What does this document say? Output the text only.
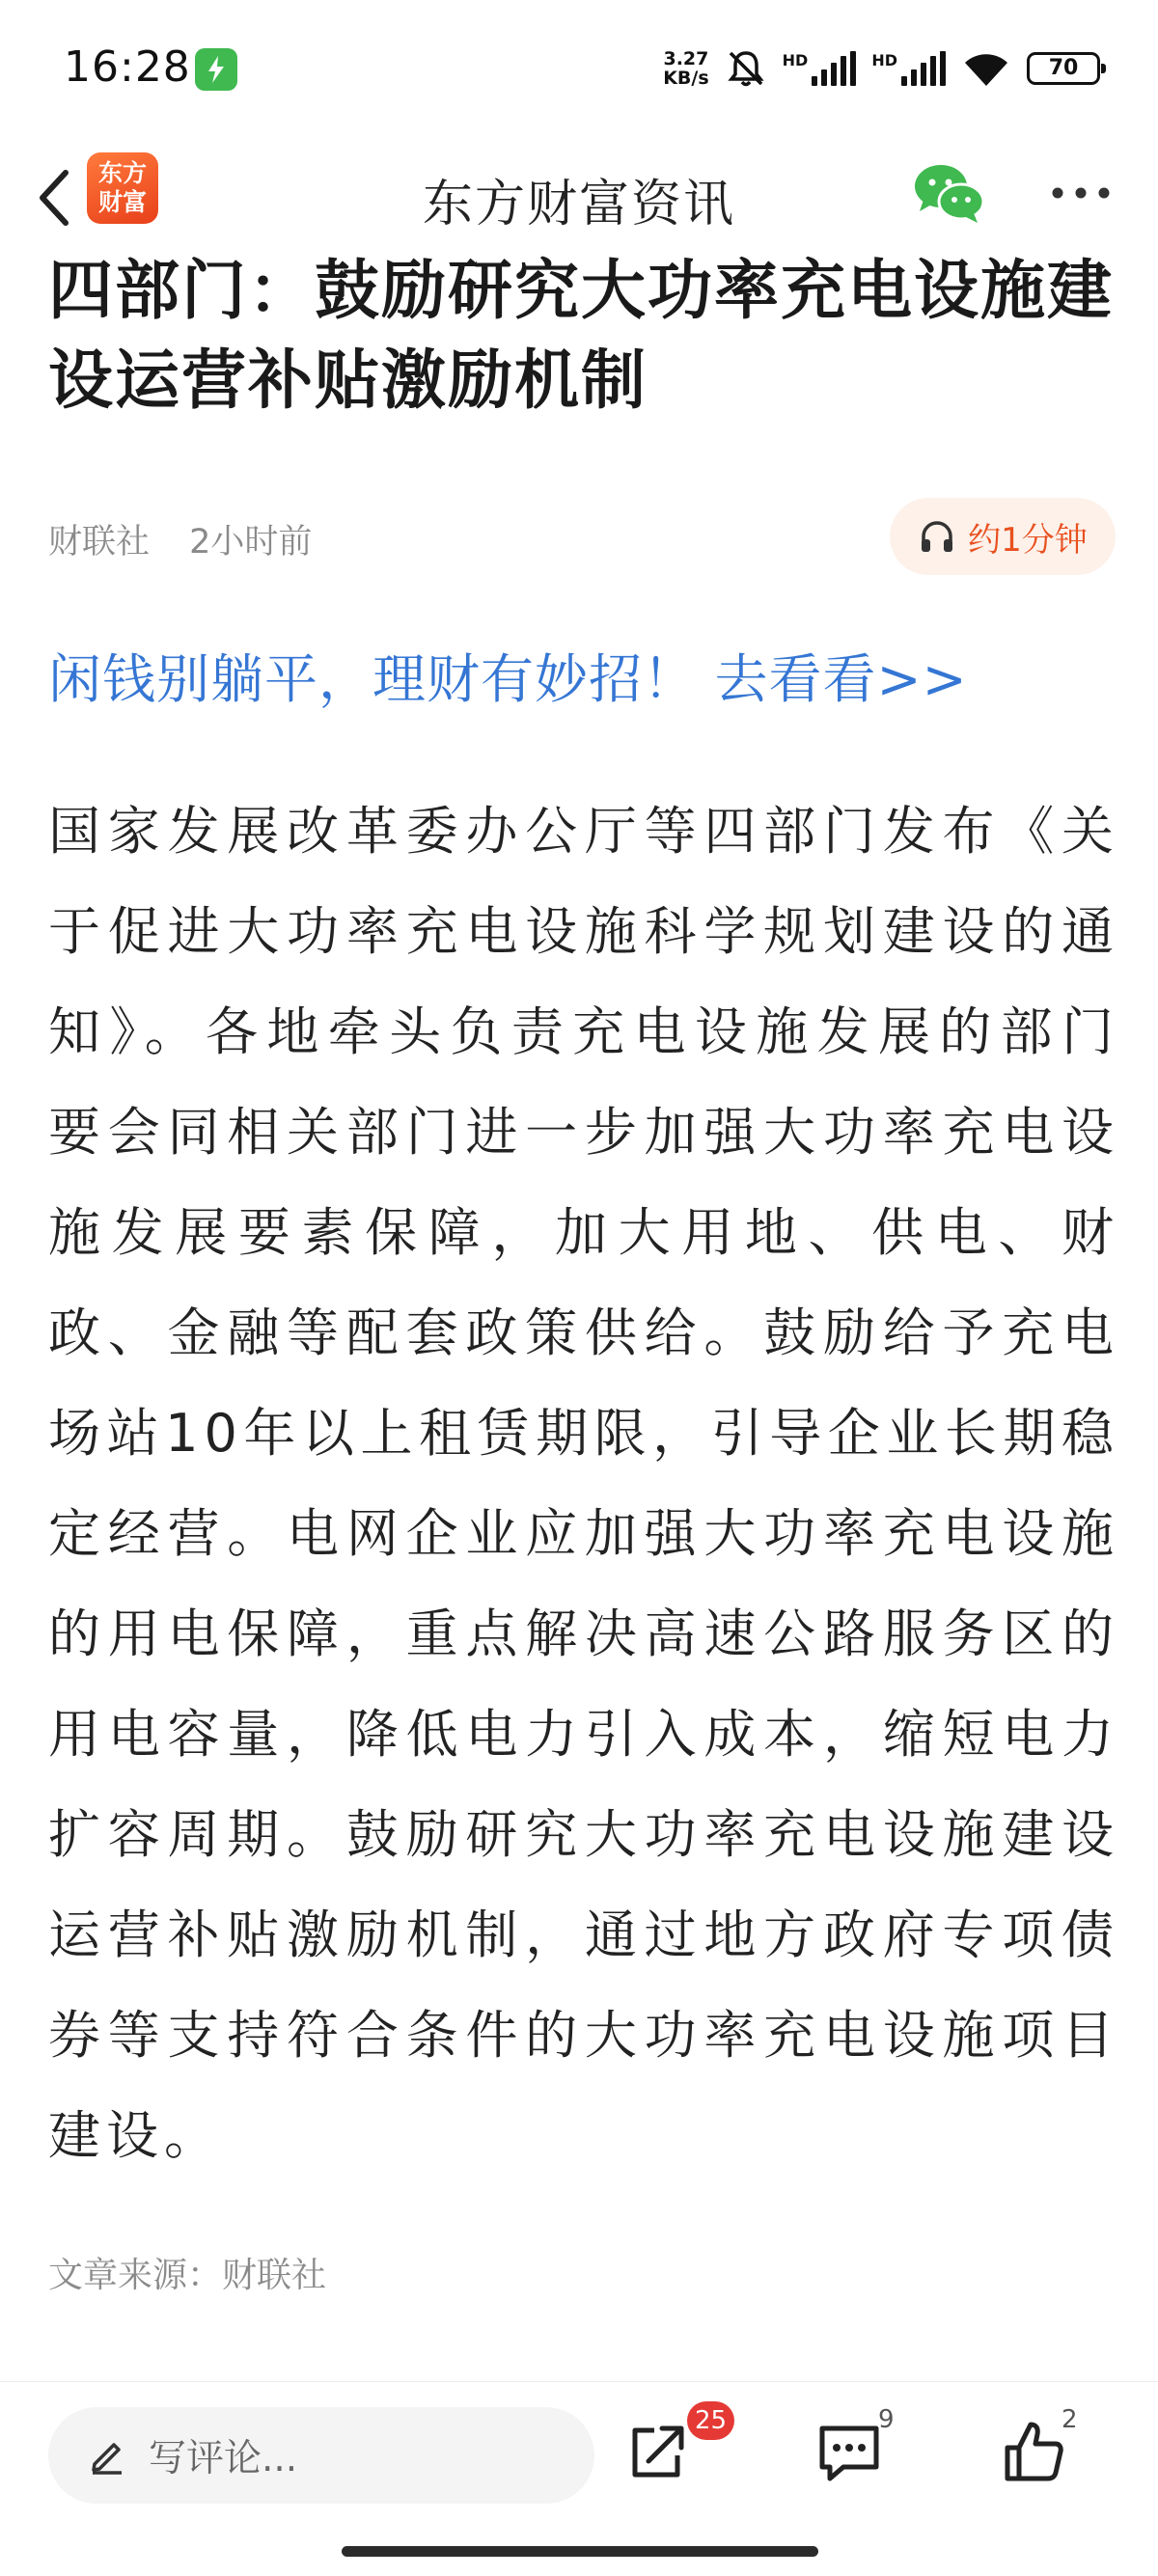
16:28	3.27
KB/s
HD	HD	70
东方
财富	东方财富资讯
四部门：鼓励研究大功率充电设施建设运营补贴激励机制
财联社 2小时前	约1分钟
闲钱别躺平，理财有妙招！ 去看看>>

国家发展改革委办公厅等四部门发布《关于促进大功率充电设施科学规划建设的通知》。各地牵头负责充电设施发展的部门要会同相关部门进一步加强大功率充电设施发展要素保障，加大用地、供电、财政、金融等配套政策供给。鼓励给予充电场站10年以上租赁期限，引导企业长期稳定经营。电网企业应加强大功率充电设施的用电保障，重点解决高速公路服务区的用电容量，降低电力引入成本，缩短电力扩容周期。鼓励研究大功率充电设施建设运营补贴激励机制，通过地方政府专项债券等支持符合条件的大功率充电设施项目建设。

文章来源：财联社
写评论...
25	9	2
